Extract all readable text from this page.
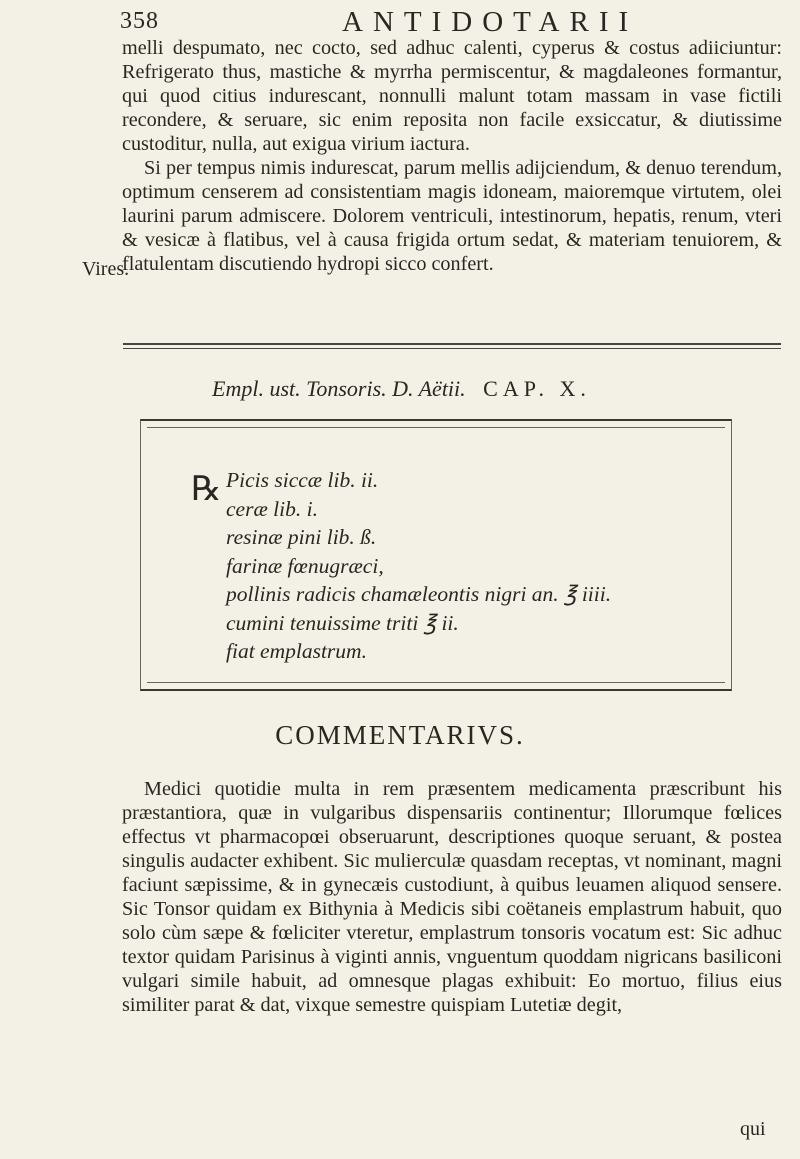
358	ANTIDOTARII
Vires.

melli despumato, nec cocto, sed adhuc calenti, cyperus & costus adiiciuntur: Refrigerato thus, mastiche & myrrha permiscentur, & magdaleones formantur, qui quod citius indurescant, nonnulli malunt totam massam in vase fictili recondere, & seruare, sic enim reposita non facile exsiccatur, & diutissime custoditur, nulla, aut exigua virium iactura.

Si per tempus nimis indurescat, parum mellis adijciendum, & denuo terendum, optimum censerem ad consistentiam magis idoneam, maioremque virtutem, olei laurini parum admiscere. Dolorem ventriculi, intestinorum, hepatis, renum, vteri & vesicæ à flatibus, vel à causa frigida ortum sedat, & materiam tenuiorem, & flatulentam discutiendo hydropi sicco confert.

Empl. ust. Tonsoris. D. Aëtii. CAP. X.
℞ Picis siccæ lib. ii.
ceræ lib. i.
resinæ pini lib. ß.
farinæ fœnugræci,
pollinis radicis chamæleontis nigri an. ℥ iiii.
cumini tenuissime triti ℥ ii.
fiat emplastrum.
COMMENTARIVS.

Medici quotidie multa in rem præsentem medicamenta præscribunt his præstantiora, quæ in vulgaribus dispensariis continentur; Illorumque fœlices effectus vt pharmacopœi obseruarunt, descriptiones quoque seruant, & postea singulis audacter exhibent. Sic mulierculæ quasdam receptas, vt nominant, magni faciunt sæpissime, & in gynecæis custodiunt, à quibus leuamen aliquod sensere. Sic Tonsor quidam ex Bithynia à Medicis sibi coëtaneis emplastrum habuit, quo solo cùm sæpe & fœliciter vteretur, emplastrum tonsoris vocatum est: Sic adhuc textor quidam Parisinus à viginti annis, vnguentum quoddam nigricans basiliconi vulgari simile habuit, ad omnesque plagas exhibuit: Eo mortuo, filius eius similiter parat & dat, vixque semestre quispiam Lutetiæ degit,

qui
